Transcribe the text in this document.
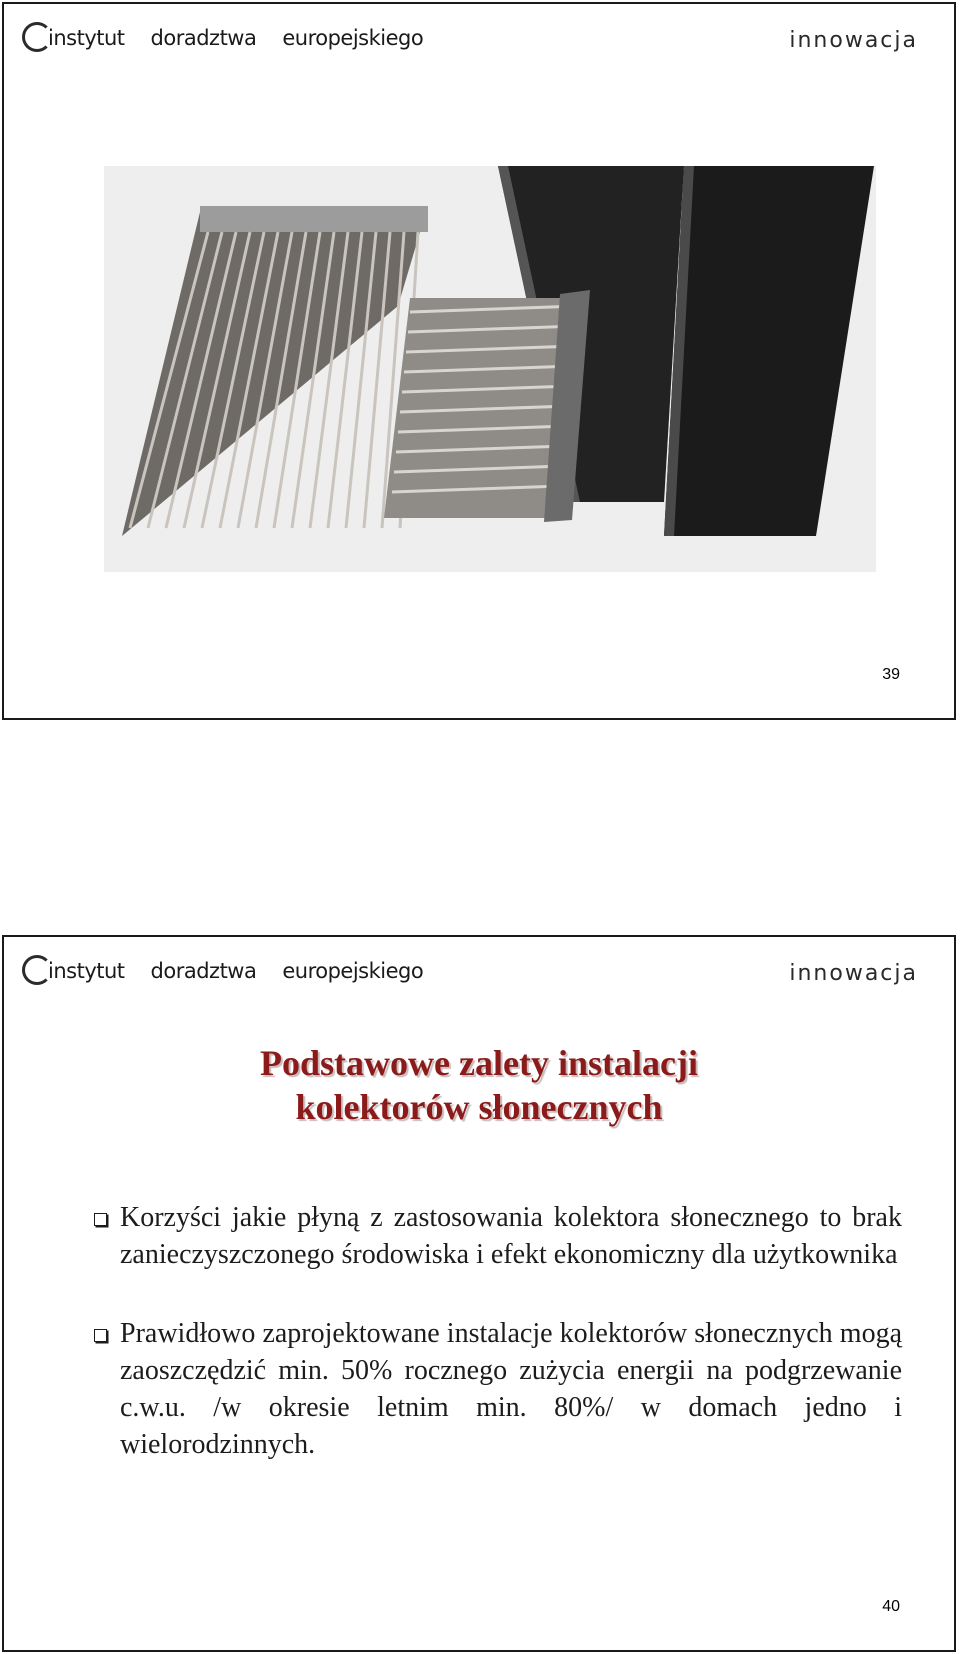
instytut doradztwa europejskiego	innowacja
39
instytut doradztwa europejskiego	innowacja
Podstawowe zalety instalacji
kolektorów słonecznych
Korzyści jakie płyną z zastosowania kolektora słonecznego to brak zanieczyszczonego środowiska i efekt ekonomiczny dla użytkownika
Prawidłowo zaprojektowane instalacje kolektorów słonecznych mogą zaoszczędzić min. 50% rocznego zużycia energii na podgrzewanie c.w.u. /w okresie letnim min. 80%/ w domach jedno i wielorodzinnych.
40
